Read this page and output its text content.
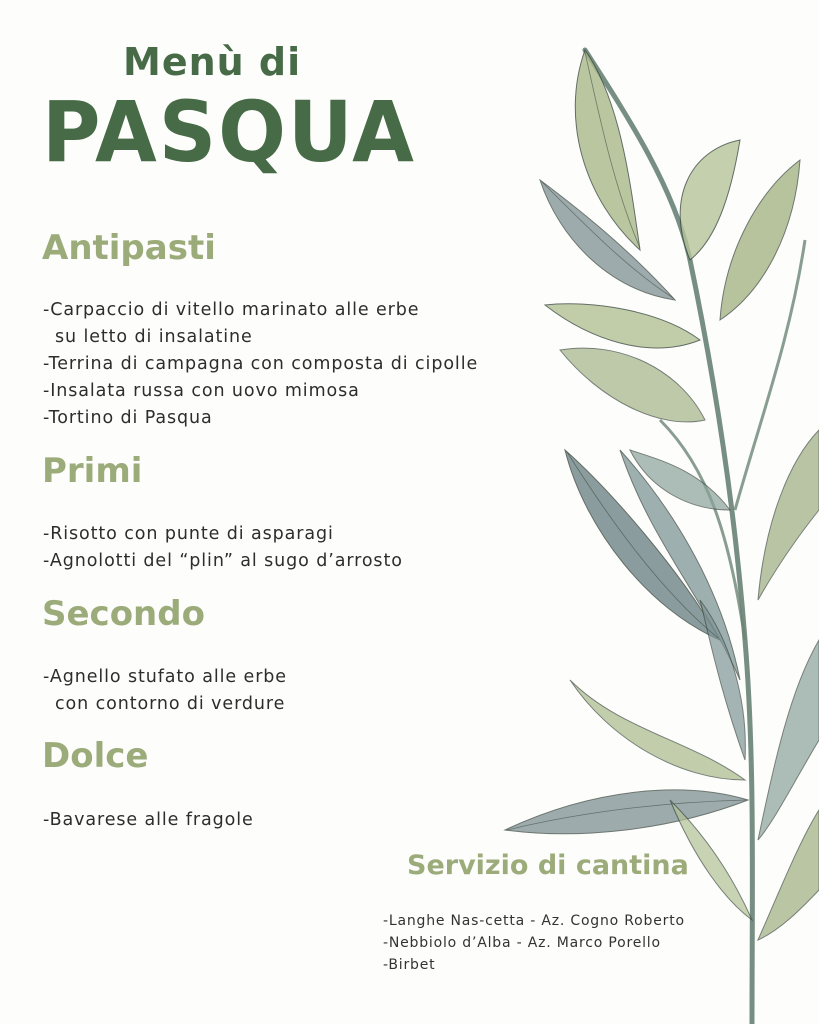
Menù di
PASQUA
Antipasti
-Carpaccio di vitello marinato alle erbe
su letto di insalatine
-Terrina di campagna con composta di cipolle
-Insalata russa con uovo mimosa
-Tortino di Pasqua
Primi
-Risotto con punte di asparagi
-Agnolotti del “plin” al sugo d’arrosto
Secondo
-Agnello stufato alle erbe
con contorno di verdure
Dolce
-Bavarese alle fragole
Servizio di cantina
-Langhe Nas-cetta - Az. Cogno Roberto
-Nebbiolo d’Alba - Az. Marco Porello
-Birbet
